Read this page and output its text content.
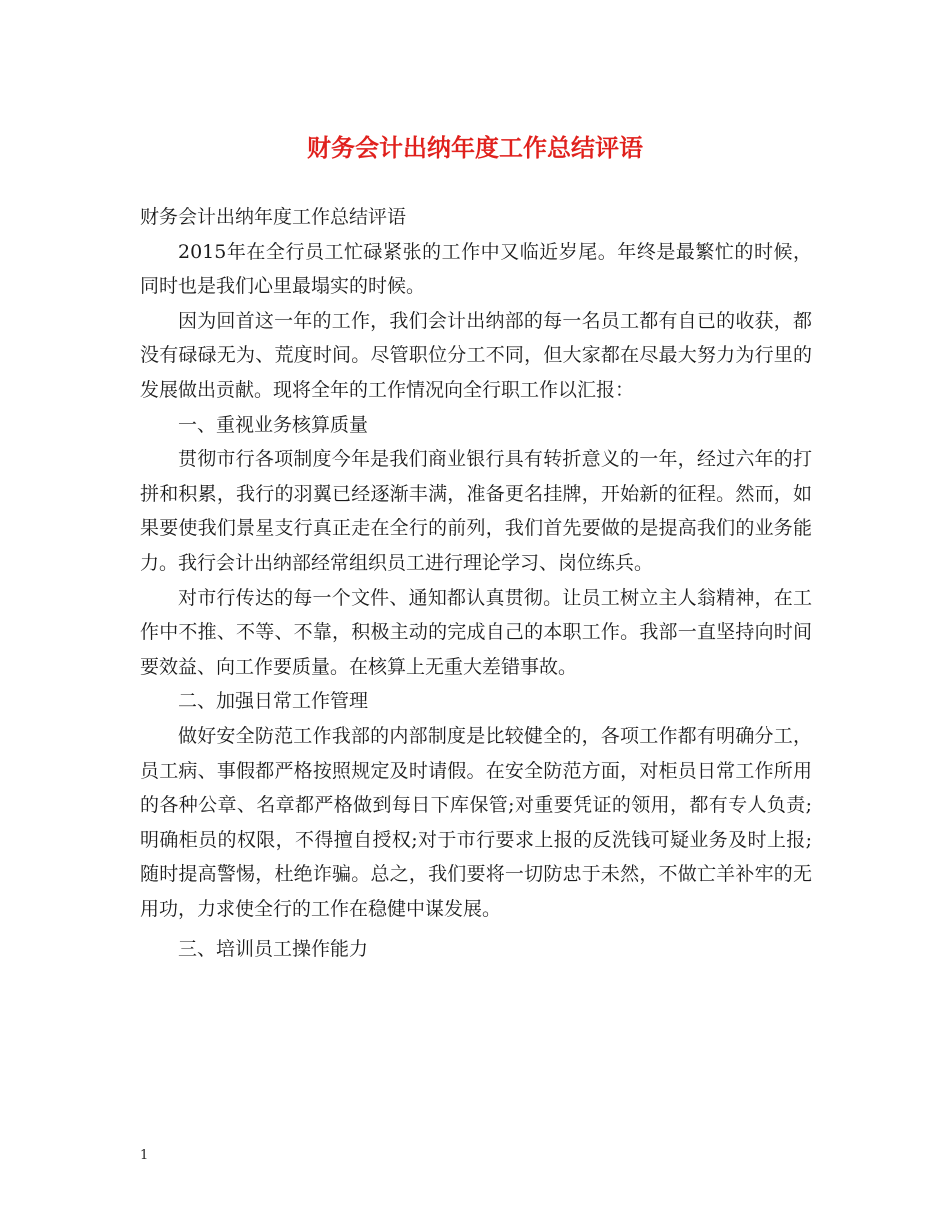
财务会计出纳年度工作总结评语

财务会计出纳年度工作总结评语

2015年在全行员工忙碌紧张的工作中又临近岁尾。年终是最繁忙的时候，同时也是我们心里最塌实的时候。

因为回首这一年的工作，我们会计出纳部的每一名员工都有自已的收获，都没有碌碌无为、荒度时间。尽管职位分工不同，但大家都在尽最大努力为行里的发展做出贡献。现将全年的工作情况向全行职工作以汇报：

一、重视业务核算质量

贯彻市行各项制度今年是我们商业银行具有转折意义的一年，经过六年的打拼和积累，我行的羽翼已经逐渐丰满，准备更名挂牌，开始新的征程。然而，如果要使我们景星支行真正走在全行的前列，我们首先要做的是提高我们的业务能力。我行会计出纳部经常组织员工进行理论学习、岗位练兵。

对市行传达的每一个文件、通知都认真贯彻。让员工树立主人翁精神，在工作中不推、不等、不靠，积极主动的完成自己的本职工作。我部一直坚持向时间要效益、向工作要质量。在核算上无重大差错事故。

二、加强日常工作管理

做好安全防范工作我部的内部制度是比较健全的，各项工作都有明确分工，员工病、事假都严格按照规定及时请假。在安全防范方面，对柜员日常工作所用的各种公章、名章都严格做到每日下库保管;对重要凭证的领用，都有专人负责;明确柜员的权限，不得擅自授权;对于市行要求上报的反洗钱可疑业务及时上报;随时提高警惕，杜绝诈骗。总之，我们要将一切防忠于未然，不做亡羊补牢的无用功，力求使全行的工作在稳健中谋发展。

三、培训员工操作能力

1
